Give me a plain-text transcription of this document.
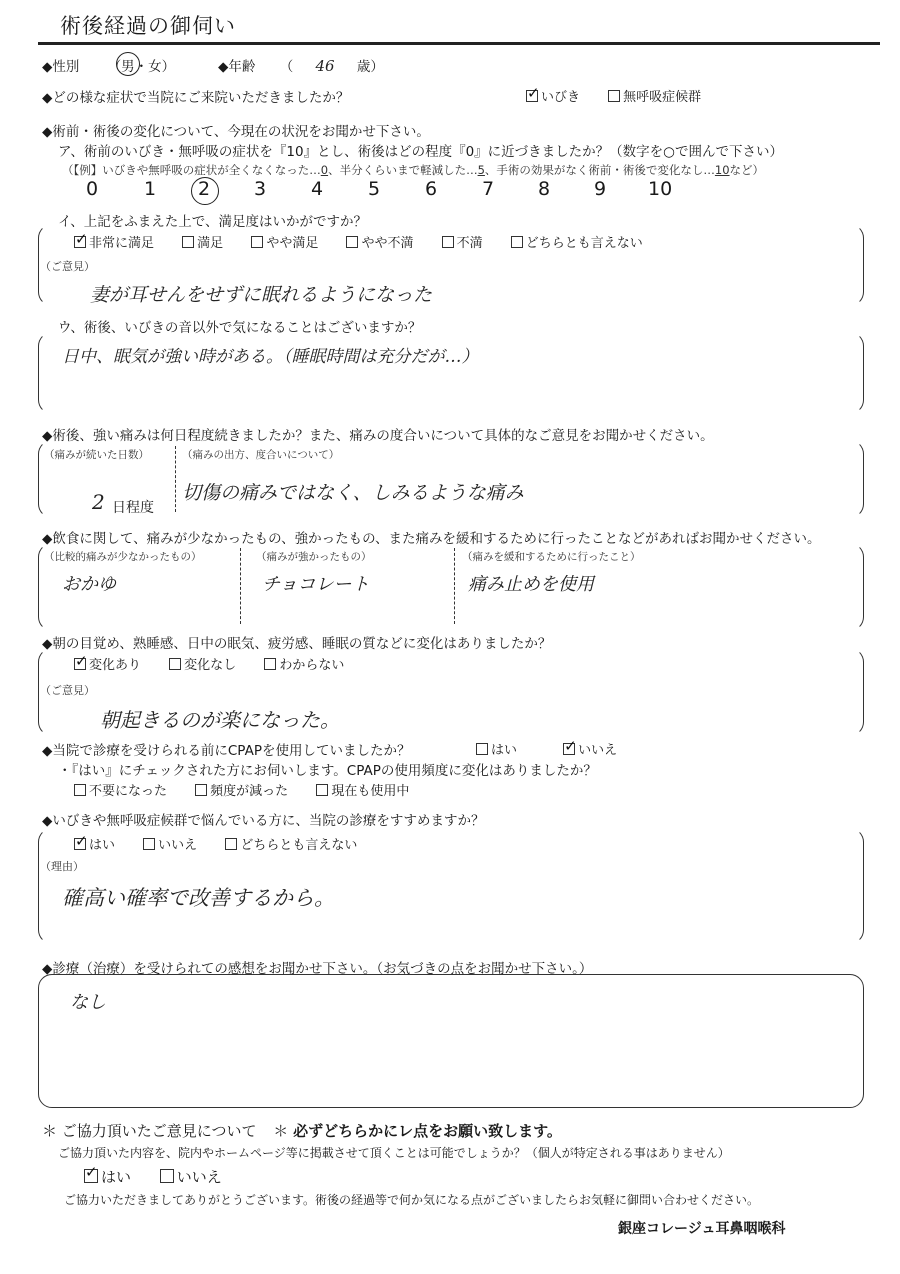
術後経過の御伺い
◆性別 （男・女）	◆年齢 （ 46 歳）
◆どの様な症状で当院にご来院いただきましたか？ ✓	いびき	無呼吸症候群
◆術前・術後の変化について、今現在の状況をお聞かせ下さい。
ア、術前のいびき・無呼吸の症状を『10』とし、術後はどの程度『0』に近づきましたか？（数字を○で囲んで下さい）
（【例】いびきや無呼吸の症状が全くなくなった…0、半分くらいまで軽減した…5、手術の効果がなく術前・術後で変化なし…10など）
0 1 2 3 4 5 6 7 8 9 10
イ、上記をふまえた上で、満足度はいかがですか？
✓非常に満足	満足	やや満足	やや不満	不満	どちらとも言えない
（ご意見）
妻が耳せんをせずに眠れるようになった
ウ、術後、いびきの音以外で気になることはございますか？
日中、眠気が強い時がある。（睡眠時間は充分だが…）
◆術後、強い痛みは何日程度続きましたか？また、痛みの度合いについて具体的なご意見をお聞かせください。
（痛みが続いた日数）
2 日程度
（痛みの出方、度合いについて）
切傷の痛みではなく、しみるような痛み
◆飲食に関して、痛みが少なかったもの、強かったもの、また痛みを緩和するために行ったことなどがあればお聞かせください。
（比較的痛みが少なかったもの）
おかゆ
（痛みが強かったもの）
チョコレート
（痛みを緩和するために行ったこと）
痛み止めを使用
◆朝の目覚め、熟睡感、日中の眠気、疲労感、睡眠の質などに変化はありましたか？
✓変化あり	変化なし	わからない
（ご意見）
朝起きるのが楽になった。
◆当院で診療を受けられる前にCPAPを使用していましたか？	はい ✓	いいえ
・『はい』にチェックされた方にお伺いします。CPAPの使用頻度に変化はありましたか？
不要になった	頻度が減った	現在も使用中
◆いびきや無呼吸症候群で悩んでいる方に、当院の診療をすすめますか？
✓はい	いいえ	どちらとも言えない
（理由）
確高い確率で改善するから。
◆診療（治療）を受けられての感想をお聞かせ下さい。（お気づきの点をお聞かせ下さい。）
なし
＊ ご協力頂いたご意見について ＊ 必ずどちらかにレ点をお願い致します。
ご協力頂いた内容を、院内やホームページ等に掲載させて頂くことは可能でしょうか？（個人が特定される事はありません）
✓はい	いいえ
ご協力いただきましてありがとうございます。術後の経過等で何か気になる点がございましたらお気軽に御問い合わせください。
銀座コレージュ耳鼻咽喉科
